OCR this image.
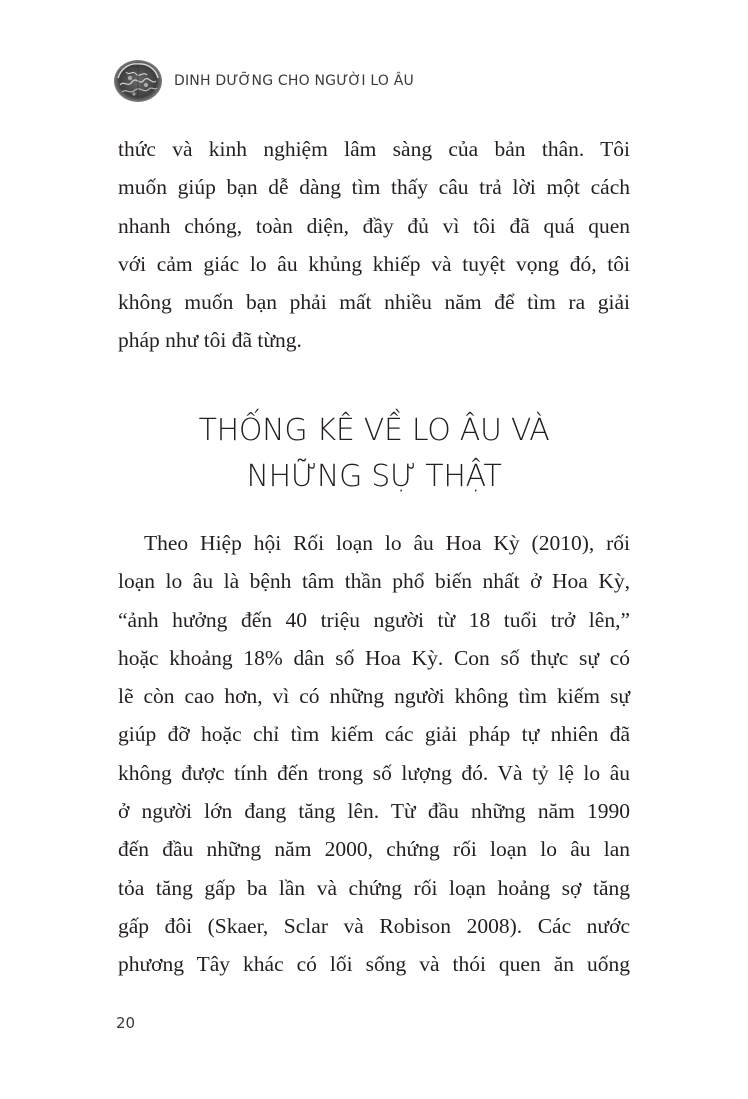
DINH DƯỠNG CHO NGƯỜI LO ÂU
thức và kinh nghiệm lâm sàng của bản thân. Tôi
muốn giúp bạn dễ dàng tìm thấy câu trả lời một cách
nhanh chóng, toàn diện, đầy đủ vì tôi đã quá quen
với cảm giác lo âu khủng khiếp và tuyệt vọng đó, tôi
không muốn bạn phải mất nhiều năm để tìm ra giải
pháp như tôi đã từng.
THỐNG KÊ VỀ LO ÂU VÀ
NHỮNG SỰ THẬT
Theo Hiệp hội Rối loạn lo âu Hoa Kỳ (2010), rối
loạn lo âu là bệnh tâm thần phổ biến nhất ở Hoa Kỳ,
“ảnh hưởng đến 40 triệu người từ 18 tuổi trở lên,”
hoặc khoảng 18% dân số Hoa Kỳ. Con số thực sự có
lẽ còn cao hơn, vì có những người không tìm kiếm sự
giúp đỡ hoặc chỉ tìm kiếm các giải pháp tự nhiên đã
không được tính đến trong số lượng đó. Và tỷ lệ lo âu
ở người lớn đang tăng lên. Từ đầu những năm 1990
đến đầu những năm 2000, chứng rối loạn lo âu lan
tỏa tăng gấp ba lần và chứng rối loạn hoảng sợ tăng
gấp đôi (Skaer, Sclar và Robison 2008). Các nước
phương Tây khác có lối sống và thói quen ăn uống
20
